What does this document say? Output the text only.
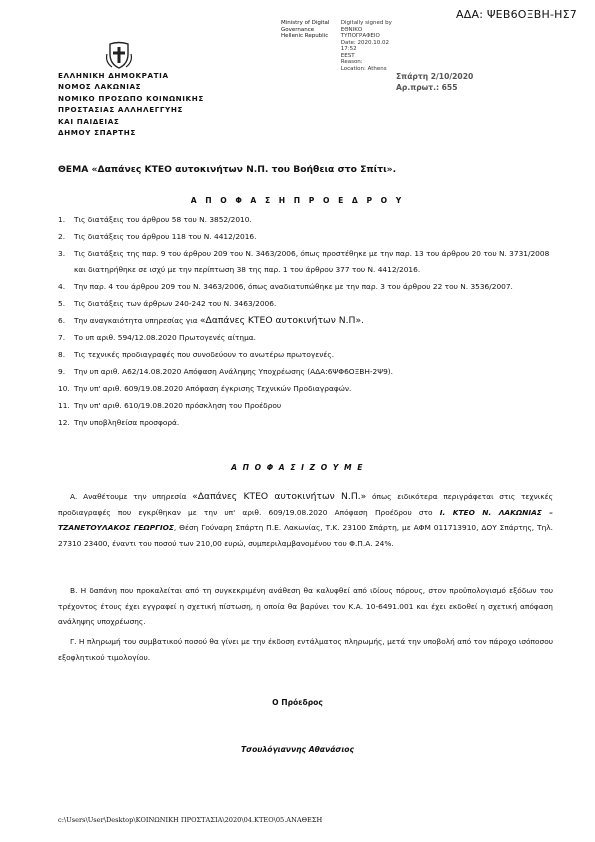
ΑΔΑ: ΨΕΒ6ΟΞΒΗ-ΗΣ7
Ministry of Digital
Governance
Hellenic Republic

Digitally signed by
ΕΘΝΙΚΟ ΤΥΠΟΓΡΑΦΕΙΟ
Date: 2020.10.02 17:52
EEST
Reason:
Location: Athens
ΕΛΛΗΝΙΚΗ ΔΗΜΟΚΡΑΤΙΑ
ΝΟΜΟΣ ΛΑΚΩΝΙΑΣ
ΝΟΜΙΚΟ ΠΡΟΣΩΠΟ ΚΟΙΝΩΝΙΚΗΣ
ΠΡΟΣΤΑΣΙΑΣ ΑΛΛΗΛΕΓΓΥΗΣ
ΚΑΙ ΠΑΙΔΕΙΑΣ
ΔΗΜΟΥ ΣΠΑΡΤΗΣ
Σπάρτη 2/10/2020
Αρ.πρωτ.: 655
ΘΕΜΑ «Δαπάνες ΚΤΕΟ αυτοκινήτων Ν.Π. του Βοήθεια στο Σπίτι».
Α Π Ο Φ Α Σ Η Π Ρ Ο Ε Δ Ρ Ο Υ
1. Τις διατάξεις του άρθρου 58 του Ν. 3852/2010.
2. Τις διατάξεις του άρθρου 118 του Ν. 4412/2016.
3. Τις διατάξεις της παρ. 9 του άρθρου 209 του Ν. 3463/2006, όπως προστέθηκε με την παρ. 13 του άρθρου 20 του Ν. 3731/2008 και διατηρήθηκε σε ισχύ με την περίπτωση 38 της παρ. 1 του άρθρου 377 του Ν. 4412/2016.
4. Την παρ. 4 του άρθρου 209 του Ν. 3463/2006, όπως αναδιατυπώθηκε με την παρ. 3 του άρθρου 22 του Ν. 3536/2007.
5. Τις διατάξεις των άρθρων 240-242 του Ν. 3463/2006.
6. Την αναγκαιότητα υπηρεσίας για «Δαπάνες ΚΤΕΟ αυτοκινήτων Ν.Π».
7. Το υπ αριθ. 594/12.08.2020 Πρωτογενές αίτημα.
8. Τις τεχνικές προδιαγραφές που συνοδεύουν το ανωτέρω πρωτογενές.
9. Την υπ αριθ. Α62/14.08.2020 Απόφαση Ανάληψης Υποχρέωσης (ΑΔΑ:6ΨΦ6ΟΞΒΗ-2Ψ9).
10. Την υπ' αριθ. 609/19.08.2020 Απόφαση έγκρισης Τεχνικών Προδιαγραφών.
11. Την υπ' αριθ. 610/19.08.2020 πρόσκληση του Προέδρου
12. Την υποβληθείσα προσφορά.
Α Π Ο Φ Α Σ Ι Ζ Ο Υ Μ Ε
Α. Αναθέτουμε την υπηρεσία «Δαπάνες ΚΤΕΟ αυτοκινήτων Ν.Π.» όπως ειδικότερα περιγράφεται στις τεχνικές προδιαγραφές που εγκρίθηκαν με την υπ' αριθ. 609/19.08.2020 Απόφαση Προέδρου στο Ι. ΚΤΕΟ Ν. ΛΑΚΩΝΙΑΣ – ΤΖΑΝΕΤΟΥΛΑΚΟΣ ΓΕΩΡΓΙΟΣ, Θέση Γούναρη Σπάρτη Π.Ε. Λακωνίας, Τ.Κ. 23100 Σπάρτη, με ΑΦΜ 011713910, ΔΟΥ Σπάρτης, Τηλ. 27310 23400, έναντι του ποσού των 210,00 ευρώ, συμπεριλαμβανομένου του Φ.Π.Α. 24%.
Β. Η δαπάνη που προκαλείται από τη συγκεκριμένη ανάθεση θα καλυφθεί από ιδίους πόρους, στον προϋπολογισμό εξόδων του τρέχοντος έτους έχει εγγραφεί η σχετική πίστωση, η οποία θα βαρύνει τον Κ.Α. 10-6491.001 και έχει εκδοθεί η σχετική απόφαση ανάληψης υποχρέωσης.
Γ. Η πληρωμή του συμβατικού ποσού θα γίνει με την έκδοση εντάλματος πληρωμής, μετά την υποβολή από τον πάροχο ισόποσου εξοφλητικού τιμολογίου.
Ο Πρόεδρος
Τσουλόγιαννης Αθανάσιος
c:\Users\User\Desktop\ΚΟΙΝΩΝΙΚΗ ΠΡΟΣΤΑΣΙΑ\2020\04.ΚΤΕΟ\05.ΑΝΑΘΕΣΗ
